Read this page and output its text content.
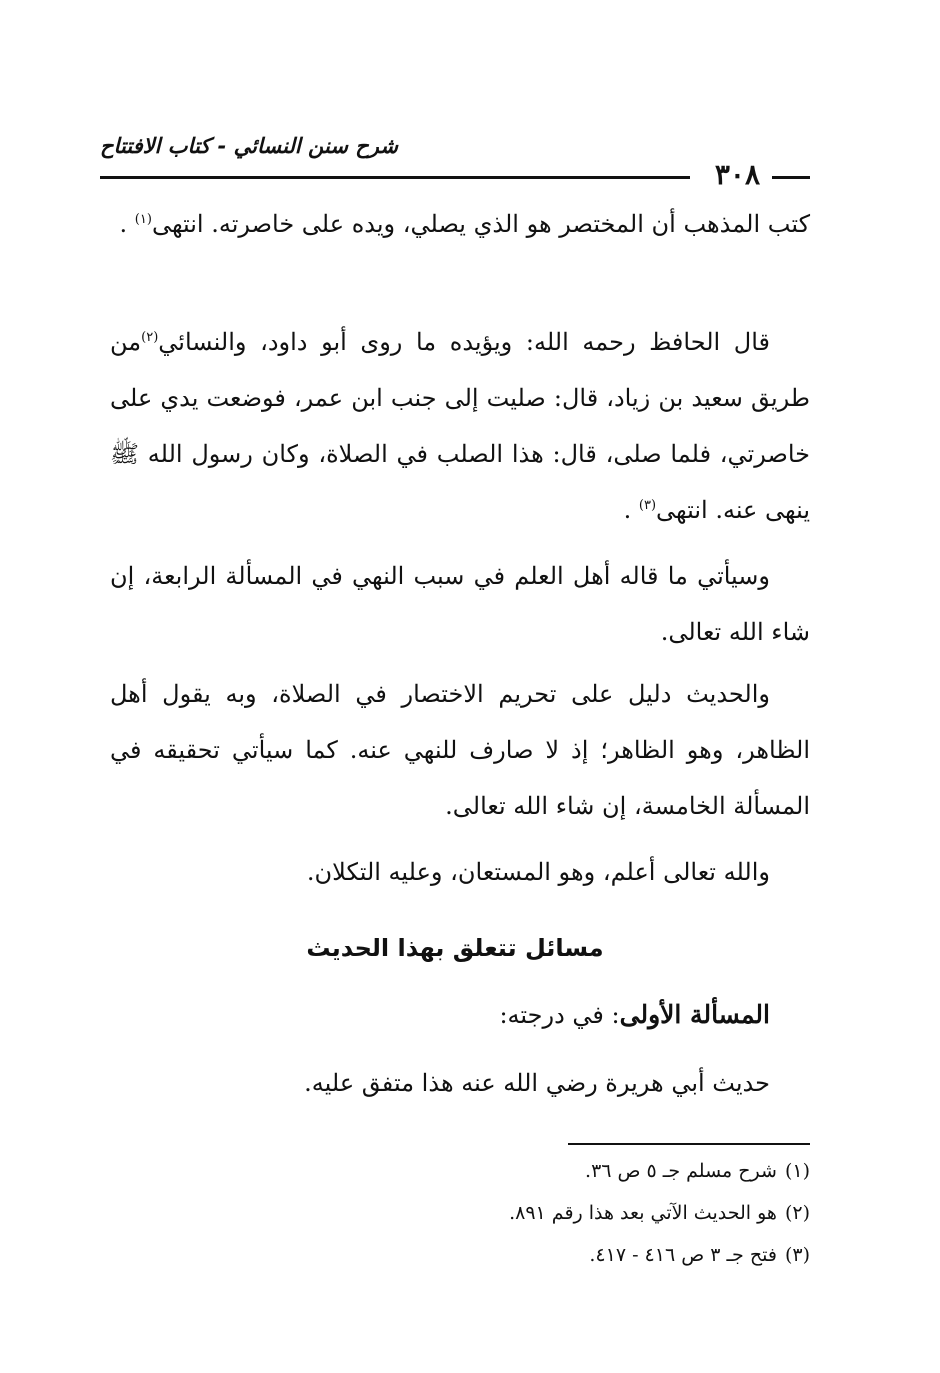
شرح سنن النسائي - كتاب الافتتاح
٣٠٨

كتب المذهب أن المختصر هو الذي يصلي، ويده على خاصرته. انتهى$^{(١)}$ .

قال الحافظ رحمه الله: ويؤيده ما روى أبو داود، والنسائي$^{(٢)}$من طريق سعيد بن زياد، قال: صليت إلى جنب ابن عمر، فوضعت يدي على خاصرتي، فلما صلى، قال: هذا الصلب في الصلاة، وكان رسول الله ﷺ ينهى عنه. انتهى$^{(٣)}$ .

وسيأتي ما قاله أهل العلم في سبب النهي في المسألة الرابعة، إن شاء الله تعالى.

والحديث دليل على تحريم الاختصار في الصلاة، وبه يقول أهل الظاهر، وهو الظاهر؛ إذ لا صارف للنهي عنه. كما سيأتي تحقيقه في المسألة الخامسة، إن شاء الله تعالى.

والله تعالى أعلم، وهو المستعان، وعليه التكلان.

مسائل تتعلق بهذا الحديث
المسألة الأولى: في درجته:
حديث أبي هريرة رضي الله عنه هذا متفق عليه.
(١)شرح مسلم جـ ٥ ص ٣٦.
(٢)هو الحديث الآتي بعد هذا رقم ٨٩١.
(٣)فتح جـ ٣ ص ٤١٦ - ٤١٧.
